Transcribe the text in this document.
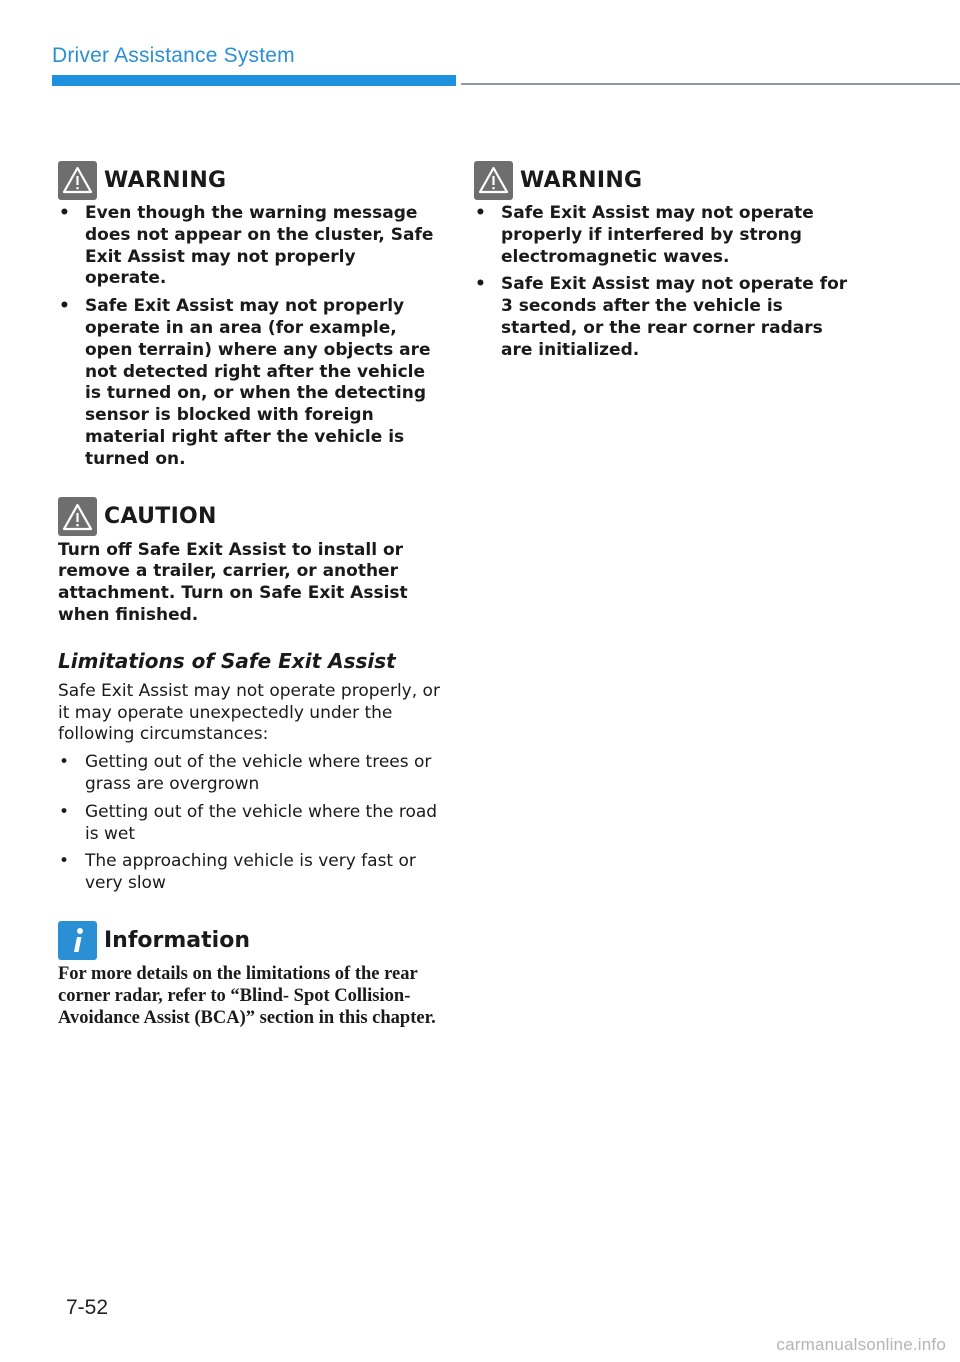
Driver Assistance System
WARNING
• Even though the warning message does not appear on the cluster, Safe Exit Assist may not properly operate.
• Safe Exit Assist may not properly operate in an area (for example, open terrain) where any objects are not detected right after the vehicle is turned on, or when the detecting sensor is blocked with foreign material right after the vehicle is turned on.
CAUTION

Turn off Safe Exit Assist to install or remove a trailer, carrier, or another attachment. Turn on Safe Exit Assist when finished.

Limitations of Safe Exit Assist

Safe Exit Assist may not operate properly, or it may operate unexpectedly under the following circumstances:

• Getting out of the vehicle where trees or grass are overgrown
• Getting out of the vehicle where the road is wet
• The approaching vehicle is very fast or very slow
Information

For more details on the limitations of the rear corner radar, refer to “Blind- Spot Collision-Avoidance Assist (BCA)” section in this chapter.

WARNING
• Safe Exit Assist may not operate properly if interfered by strong electromagnetic waves.
• Safe Exit Assist may not operate for 3 seconds after the vehicle is started, or the rear corner radars are initialized.
7-52
carmanualsonline.info
